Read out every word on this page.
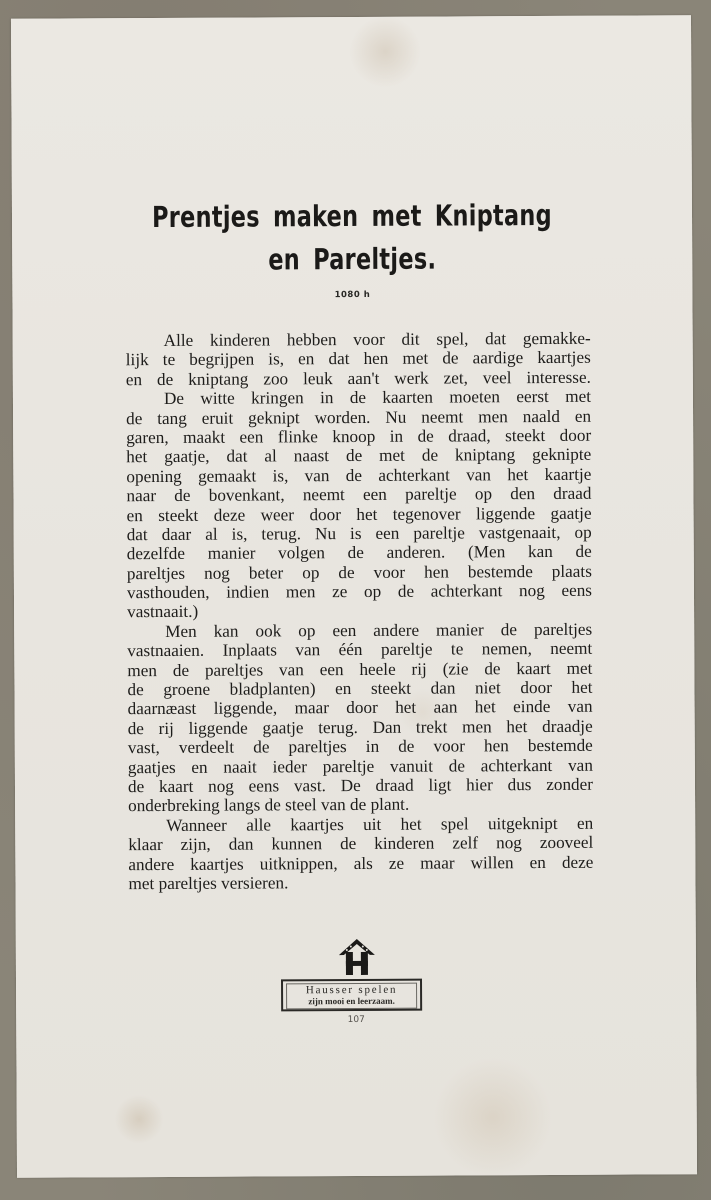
Prentjes maken met Kniptang
en Pareltjes.
1080 h
Alle kinderen hebben voor dit spel, dat gemakke-
lijk te begrijpen is, en dat hen met de aardige kaartjes
en de kniptang zoo leuk aan't werk zet, veel interesse.
De witte kringen in de kaarten moeten eerst met
de tang eruit geknipt worden. Nu neemt men naald en
garen, maakt een flinke knoop in de draad, steekt door
het gaatje, dat al naast de met de kniptang geknipte
opening gemaakt is, van de achterkant van het kaartje
naar de bovenkant, neemt een pareltje op den draad
en steekt deze weer door het tegenover liggende gaatje
dat daar al is, terug. Nu is een pareltje vastgenaait, op
dezelfde manier volgen de anderen. (Men kan de
pareltjes nog beter op de voor hen bestemde plaats
vasthouden, indien men ze op de achterkant nog eens
vastnaait.)
Men kan ook op een andere manier de pareltjes
vastnaaien. Inplaats van één pareltje te nemen, neemt
men de pareltjes van een heele rij (zie de kaart met
de groene bladplanten) en steekt dan niet door het
daarnæast liggende, maar door het aan het einde van
de rij liggende gaatje terug. Dan trekt men het draadje
vast, verdeelt de pareltjes in de voor hen bestemde
gaatjes en naait ieder pareltje vanuit de achterkant van
de kaart nog eens vast. De draad ligt hier dus zonder
onderbreking langs de steel van de plant.
Wanneer alle kaartjes uit het spel uitgeknipt en
klaar zijn, dan kunnen de kinderen zelf nog zooveel
andere kaartjes uitknippen, als ze maar willen en deze
met pareltjes versieren.
Hausser spelen
zijn mooi en leerzaam.
107
